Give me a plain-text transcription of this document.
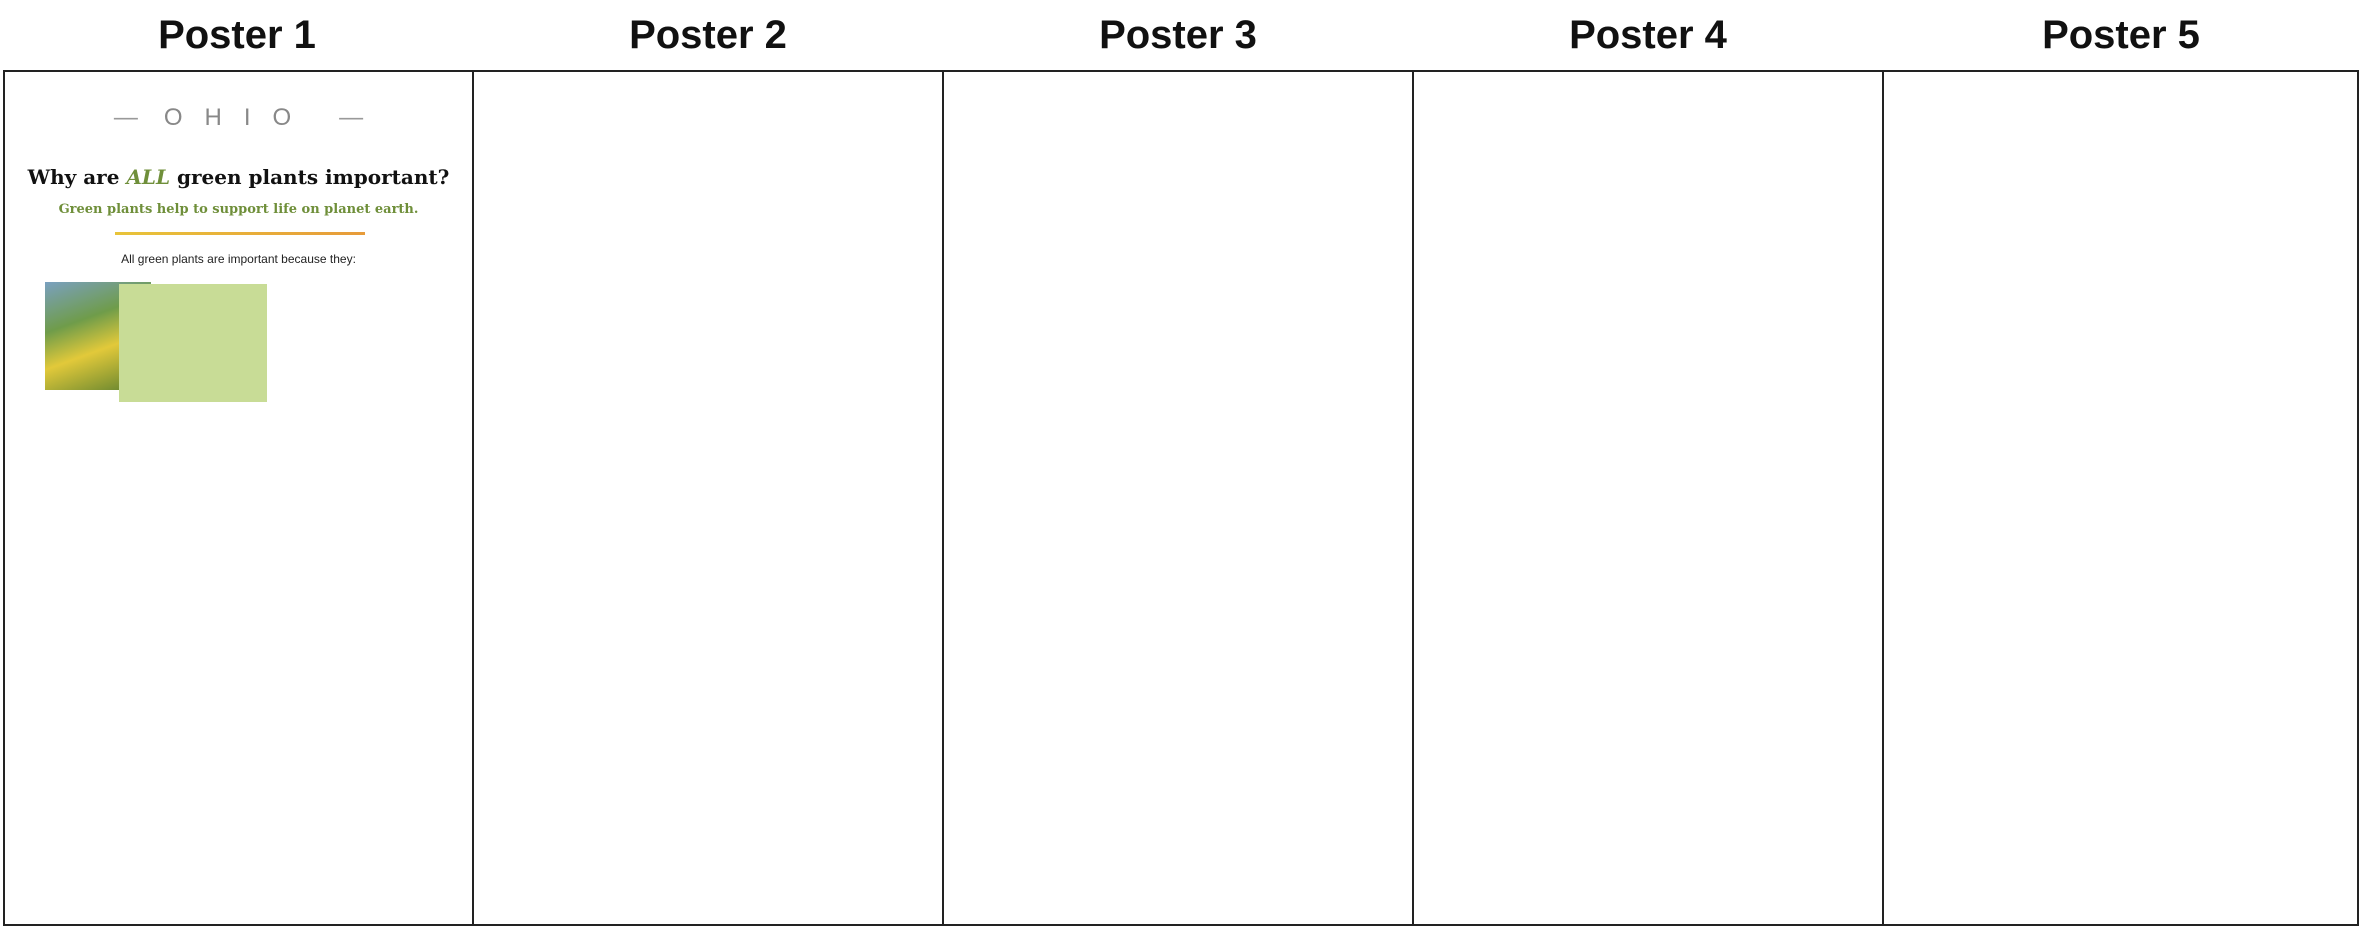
Poster 1	Poster 2	Poster 3	Poster 4	Poster 5
— OHIO —
Why are ALL green plants important?
Green plants help to support life on planet earth.
All green plants are important because they:
